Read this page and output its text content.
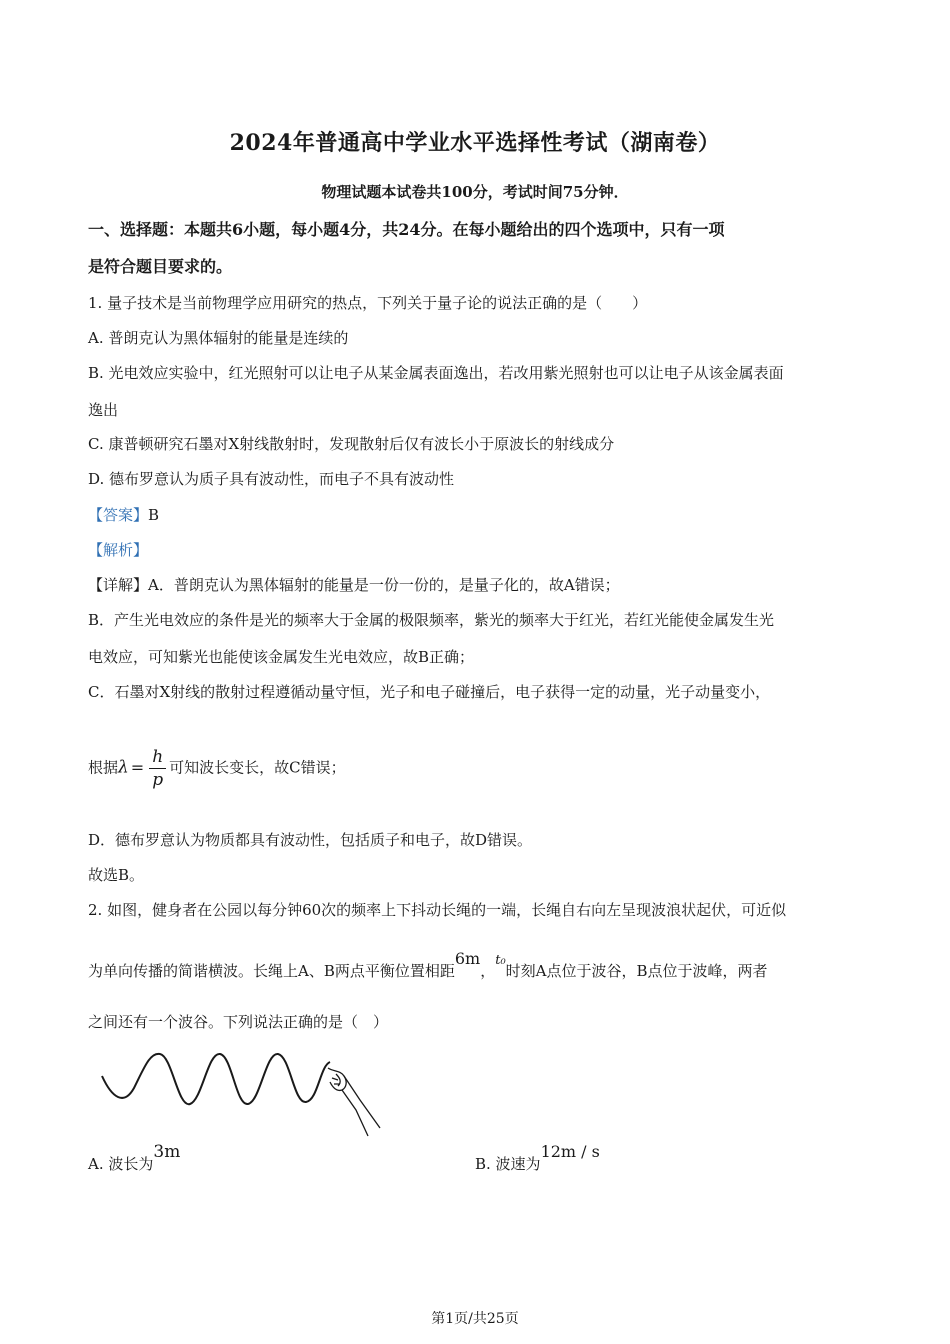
2024年普通高中学业水平选择性考试（湖南卷）
物理试题本试卷共100分，考试时间75分钟．
一、选择题：本题共6小题，每小题4分，共24分。在每小题给出的四个选项中，只有一项
是符合题目要求的。
1. 量子技术是当前物理学应用研究的热点，下列关于量子论的说法正确的是（　　）
A. 普朗克认为黑体辐射的能量是连续的
B. 光电效应实验中，红光照射可以让电子从某金属表面逸出，若改用紫光照射也可以让电子从该金属表面
逸出
C. 康普顿研究石墨对X射线散射时，发现散射后仅有波长小于原波长的射线成分
D. 德布罗意认为质子具有波动性，而电子不具有波动性
【答案】B
【解析】
【详解】A．普朗克认为黑体辐射的能量是一份一份的，是量子化的，故A错误；
B．产生光电效应的条件是光的频率大于金属的极限频率，紫光的频率大于红光，若红光能使金属发生光
电效应，可知紫光也能使该金属发生光电效应，故B正确；
C．石墨对X射线的散射过程遵循动量守恒，光子和电子碰撞后，电子获得一定的动量，光子动量变小，
根据$\lambda = \frac{h}{p}$ 可知波长变长，故C错误；
D．德布罗意认为物质都具有波动性，包括质子和电子，故D错误。
故选B。
2. 如图，健身者在公园以每分钟60次的频率上下抖动长绳的一端，长绳自右向左呈现波浪状起伏，可近似
为单向传播的简谐横波。长绳上A、B两点平衡位置相距6m，t₀时刻A点位于波谷，B点位于波峰，两者
之间还有一个波谷。下列说法正确的是（　）
A. 波长为3m
B. 波速为12m / s
第1页/共25页
